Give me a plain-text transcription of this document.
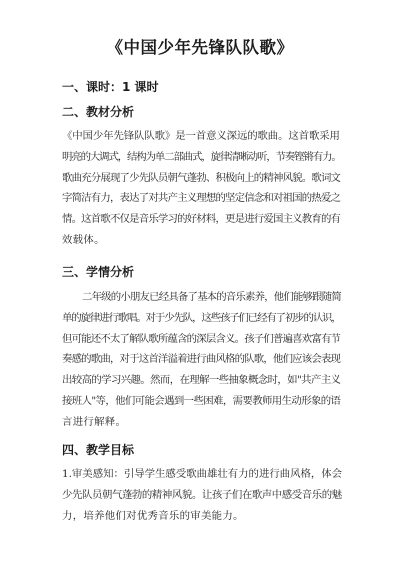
《中国少年先锋队队歌》
一、课时：1 课时
二、教材分析
《中国少年先锋队队歌》是一首意义深远的歌曲。这首歌采用
明亮的大调式，结构为单二部曲式，旋律清晰动听，节奏铿锵有力。
歌曲充分展现了少先队员朝气蓬勃、积极向上的精神风貌。歌词文
字简洁有力，表达了对共产主义理想的坚定信念和对祖国的热爱之
情。这首歌不仅是音乐学习的好材料，更是进行爱国主义教育的有
效载体。
三、学情分析
二年级的小朋友已经具备了基本的音乐素养，他们能够跟随简
单的旋律进行歌唱。对于少先队，这些孩子们已经有了初步的认识，
但可能还不太了解队歌所蕴含的深层含义。孩子们普遍喜欢富有节
奏感的歌曲，对于这首洋溢着进行曲风格的队歌，他们应该会表现
出较高的学习兴趣。然而，在理解一些抽象概念时，如"共产主义
接班人"等，他们可能会遇到一些困难，需要教师用生动形象的语
言进行解释。
四、教学目标
1.审美感知：引导学生感受歌曲雄壮有力的进行曲风格，体会
少先队员朝气蓬勃的精神风貌。让孩子们在歌声中感受音乐的魅
力，培养他们对优秀音乐的审美能力。
